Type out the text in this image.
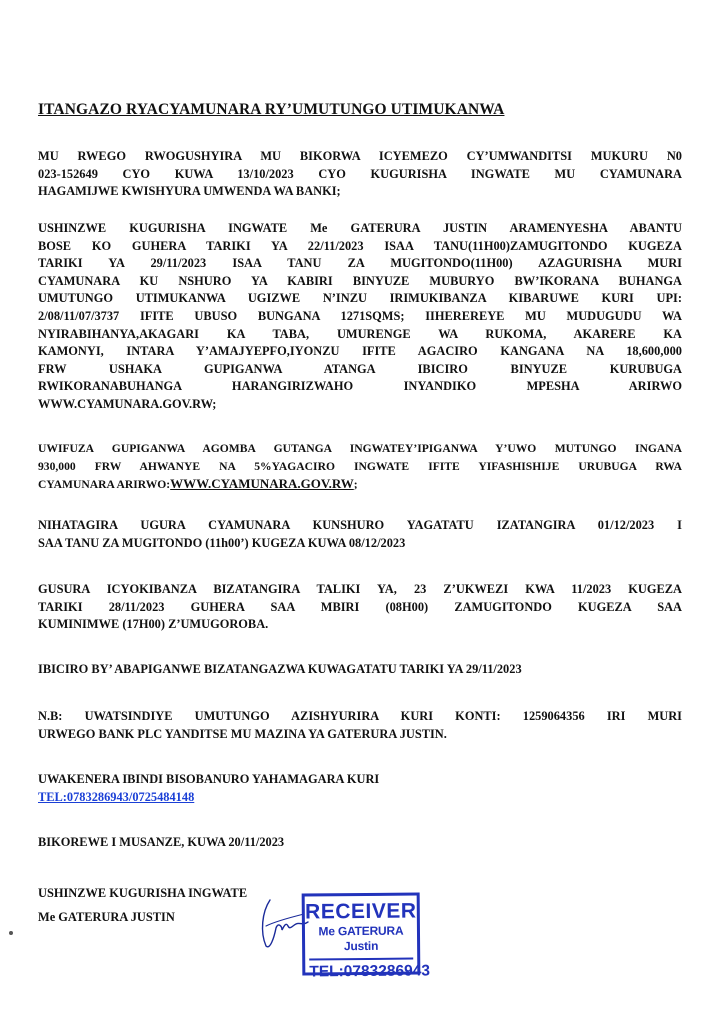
ITANGAZO RYACYAMUNARA RY’UMUTUNGO UTIMUKANWA
MU RWEGO RWOGUSHYIRA MU BIKORWA ICYEMEZO CY’UMWANDITSI MUKURU N0
023-152649 CYO KUWA 13/10/2023 CYO KUGURISHA INGWATE MU CYAMUNARA
HAGAMIJWE KWISHYURA UMWENDA WA BANKI;
USHINZWE KUGURISHA INGWATE Me GATERURA JUSTIN ARAMENYESHA ABANTU
BOSE KO GUHERA TARIKI YA 22/11/2023 ISAA TANU(11H00)ZAMUGITONDO KUGEZA
TARIKI YA 29/11/2023 ISAA TANU ZA MUGITONDO(11H00) AZAGURISHA MURI
CYAMUNARA KU NSHURO YA KABIRI BINYUZE MUBURYO BW’IKORANA BUHANGA
UMUTUNGO UTIMUKANWA UGIZWE N’INZU IRIMUKIBANZA KIBARUWE KURI UPI:
2/08/11/07/3737 IFITE UBUSO BUNGANA 1271SQMS; IIHEREREYE MU MUDUGUDU WA
NYIRABIHANYA,AKAGARI KA TABA, UMURENGE WA RUKOMA, AKARERE KA
KAMONYI, INTARA Y’AMAJYEPFO,IYONZU IFITE AGACIRO KANGANA NA 18,600,000
FRW USHAKA GUPIGANWA ATANGA IBICIRO BINYUZE KURUBUGA
RWIKORANABUHANGA HARANGIRIZWAHO INYANDIKO MPESHA ARIRWO
WWW.CYAMUNARA.GOV.RW;
UWIFUZA GUPIGANWA AGOMBA GUTANGA INGWATEY’IPIGANWA Y’UWO MUTUNGO INGANA
930,000 FRW AHWANYE NA 5%YAGACIRO INGWATE IFITE YIFASHISHIJE URUBUGA RWA
CYAMUNARA ARIRWO:WWW.CYAMUNARA.GOV.RW;
NIHATAGIRA UGURA CYAMUNARA KUNSHURO YAGATATU IZATANGIRA 01/12/2023 I
SAA TANU ZA MUGITONDO (11h00’) KUGEZA KUWA 08/12/2023
GUSURA ICYOKIBANZA BIZATANGIRA TALIKI YA, 23 Z’UKWEZI KWA 11/2023 KUGEZA
TARIKI 28/11/2023 GUHERA SAA MBIRI (08H00) ZAMUGITONDO KUGEZA SAA
KUMINIMWE (17H00) Z’UMUGOROBA.
IBICIRO BY’ ABAPIGANWE BIZATANGAZWA KUWAGATATU TARIKI YA 29/11/2023
N.B: UWATSINDIYE UMUTUNGO AZISHYURIRA KURI KONTI: 1259064356 IRI MURI
URWEGO BANK PLC YANDITSE MU MAZINA YA GATERURA JUSTIN.
UWAKENERA IBINDI BISOBANURO YAHAMAGARA KURI
TEL:0783286943/0725484148
BIKOREWE I MUSANZE, KUWA 20/11/2023
USHINZWE KUGURISHA INGWATE
Me GATERURA JUSTIN	RECEIVER
Me GATERURA Justin
TEL:0783286943
